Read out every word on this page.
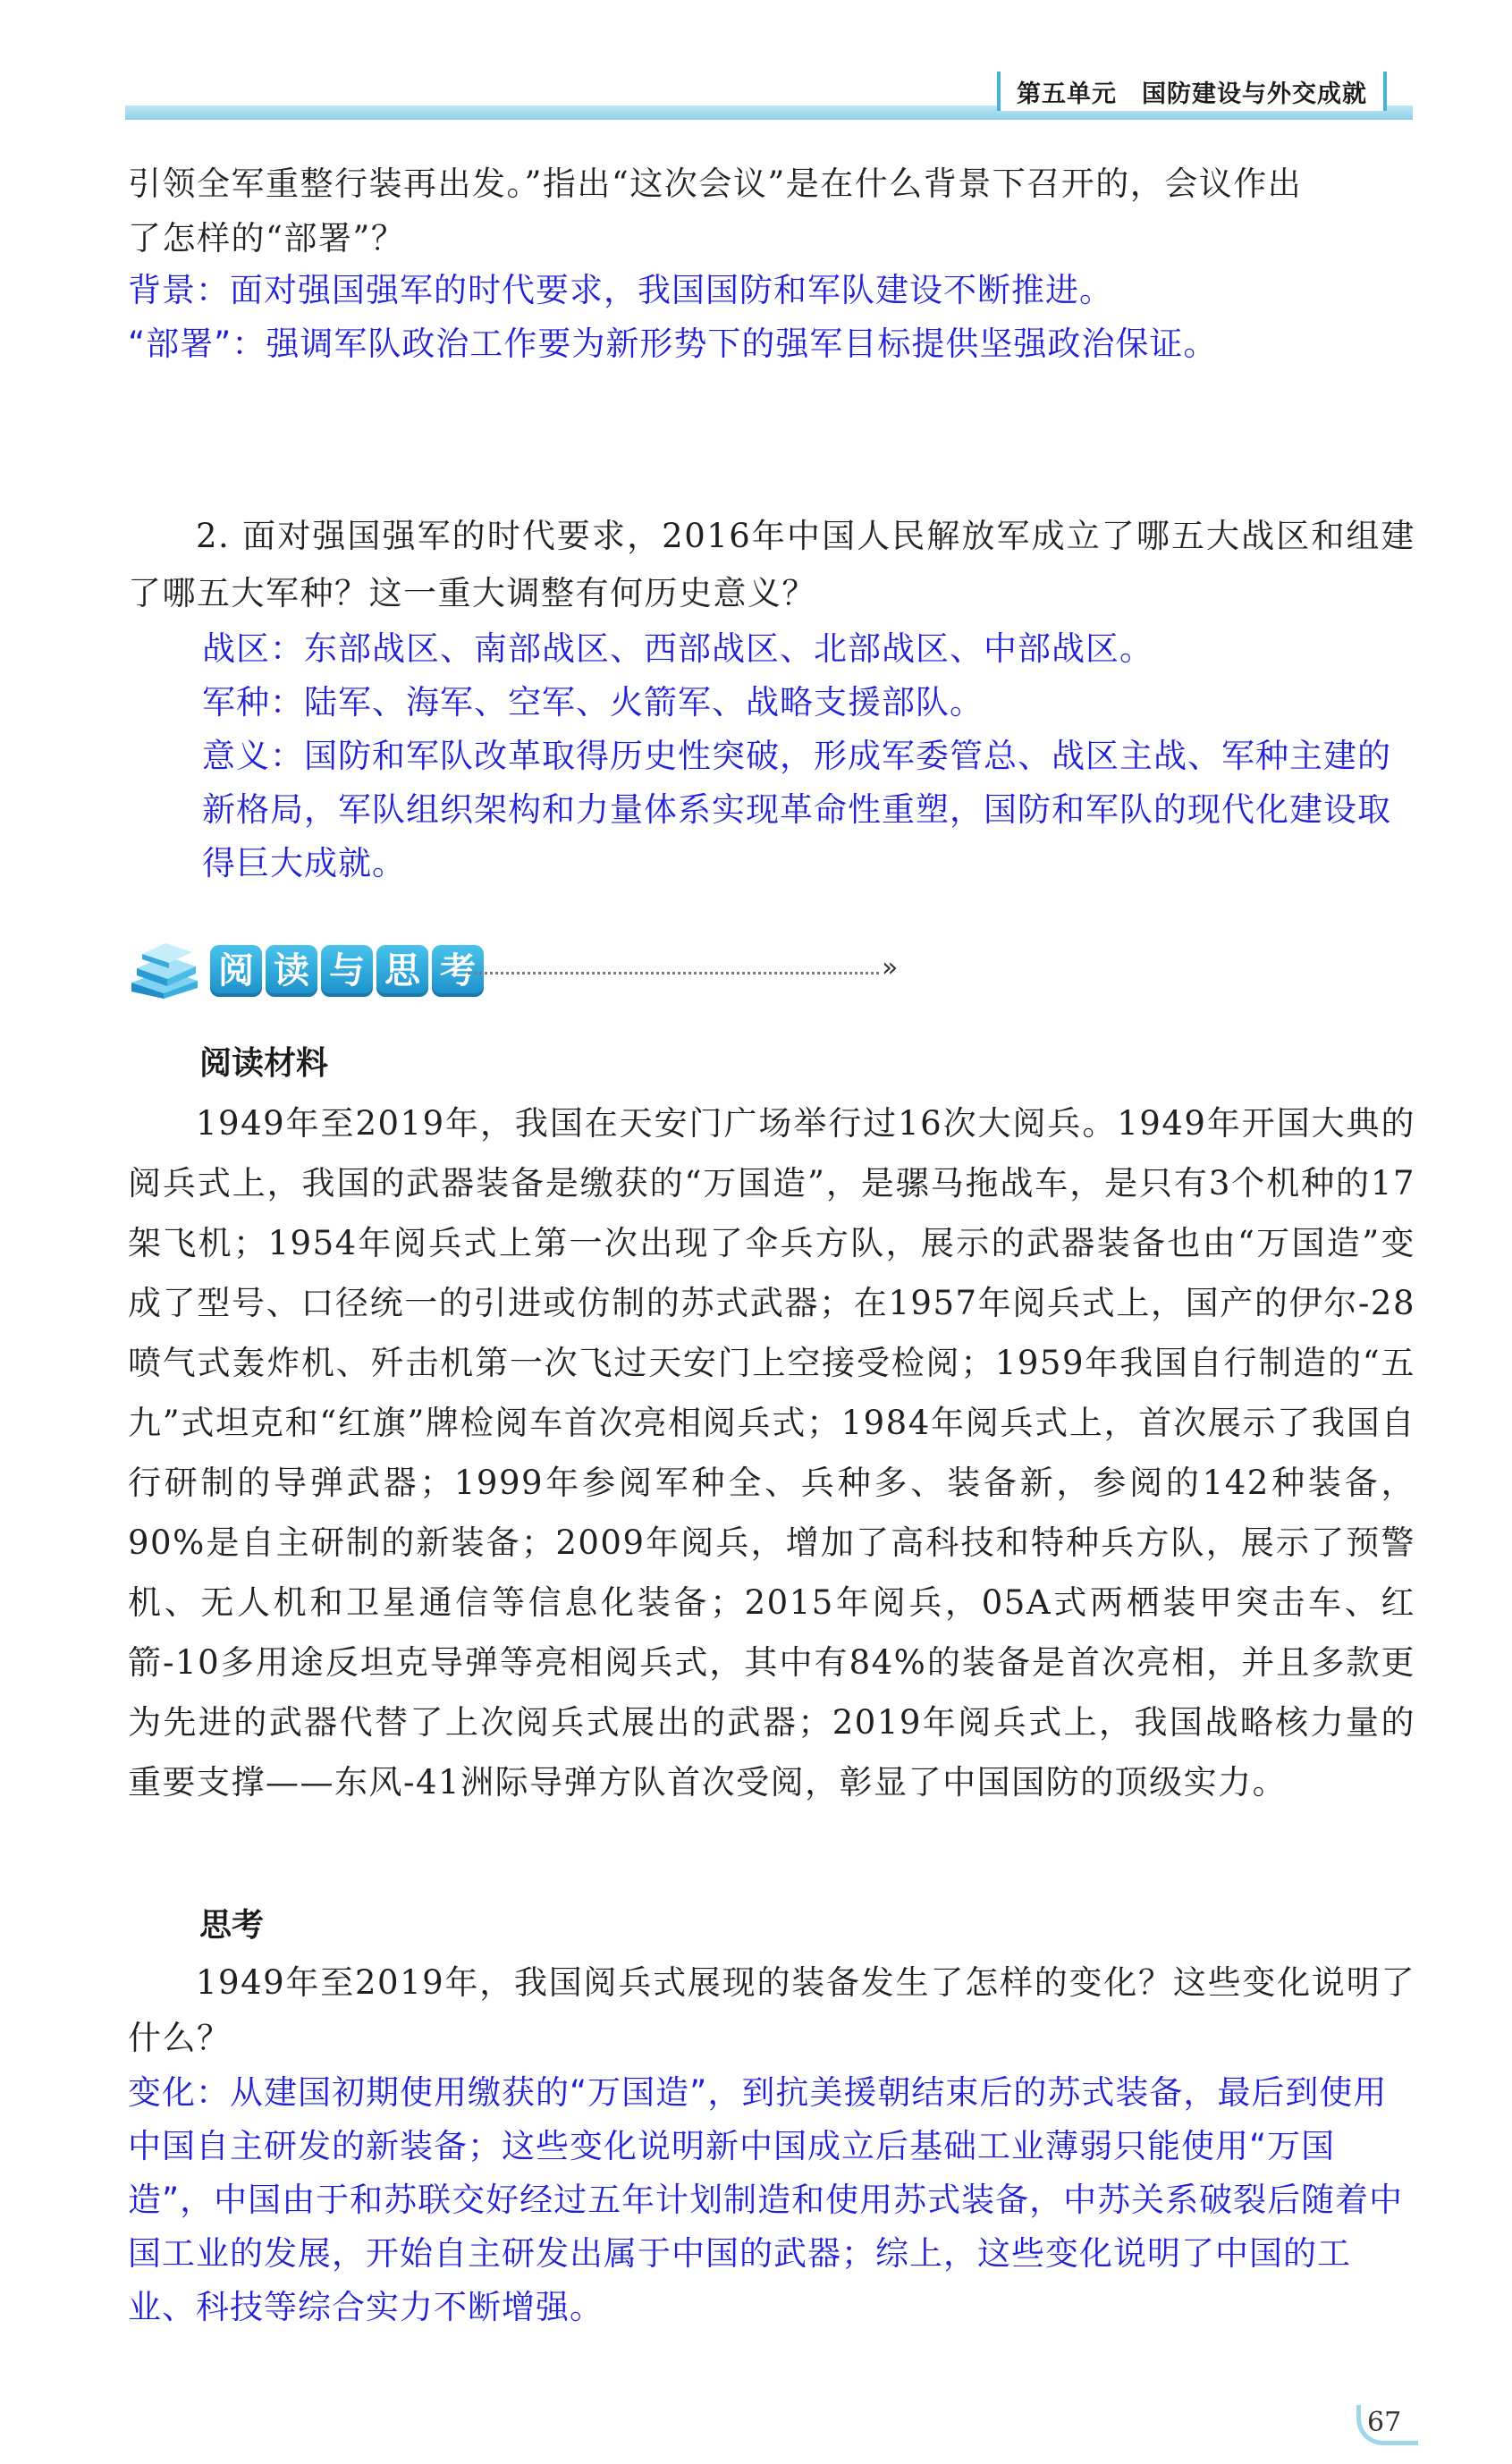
第五单元　国防建设与外交成就

引领全军重整行装再出发。”指出“这次会议”是在什么背景下召开的，会议作出

了怎样的“部署”？

背景：面对强国强军的时代要求，我国国防和军队建设不断推进。

“部署”：强调军队政治工作要为新形势下的强军目标提供坚强政治保证。

2. 面对强国强军的时代要求，2016年中国人民解放军成立了哪五大战区和组建了哪五大军种？这一重大调整有何历史意义？

战区：东部战区、南部战区、西部战区、北部战区、中部战区。

军种：陆军、海军、空军、火箭军、战略支援部队。

意义：国防和军队改革取得历史性突破，形成军委管总、战区主战、军种主建的新格局，军队组织架构和力量体系实现革命性重塑，国防和军队的现代化建设取得巨大成就。

阅 读 与 思 考	»

阅读材料

1949年至2019年，我国在天安门广场举行过16次大阅兵。1949年开国大典的阅兵式上，我国的武器装备是缴获的“万国造”，是骡马拖战车，是只有3个机种的17架飞机；1954年阅兵式上第一次出现了伞兵方队，展示的武器装备也由“万国造”变成了型号、口径统一的引进或仿制的苏式武器；在1957年阅兵式上，国产的伊尔-28喷气式轰炸机、歼击机第一次飞过天安门上空接受检阅；1959年我国自行制造的“五九”式坦克和“红旗”牌检阅车首次亮相阅兵式；1984年阅兵式上，首次展示了我国自行研制的导弹武器；1999年参阅军种全、兵种多、装备新，参阅的142种装备，90%是自主研制的新装备；2009年阅兵，增加了高科技和特种兵方队，展示了预警机、无人机和卫星通信等信息化装备；2015年阅兵，05A式两栖装甲突击车、红箭-10多用途反坦克导弹等亮相阅兵式，其中有84%的装备是首次亮相，并且多款更为先进的武器代替了上次阅兵式展出的武器；2019年阅兵式上，我国战略核力量的重要支撑——东风-41洲际导弹方队首次受阅，彰显了中国国防的顶级实力。

思考

1949年至2019年，我国阅兵式展现的装备发生了怎样的变化？这些变化说明了什么？

变化：从建国初期使用缴获的“万国造”，到抗美援朝结束后的苏式装备，最后到使用中国自主研发的新装备；这些变化说明新中国成立后基础工业薄弱只能使用“万国造”，中国由于和苏联交好经过五年计划制造和使用苏式装备，中苏关系破裂后随着中国工业的发展，开始自主研发出属于中国的武器；综上，这些变化说明了中国的工业、科技等综合实力不断增强。

67
